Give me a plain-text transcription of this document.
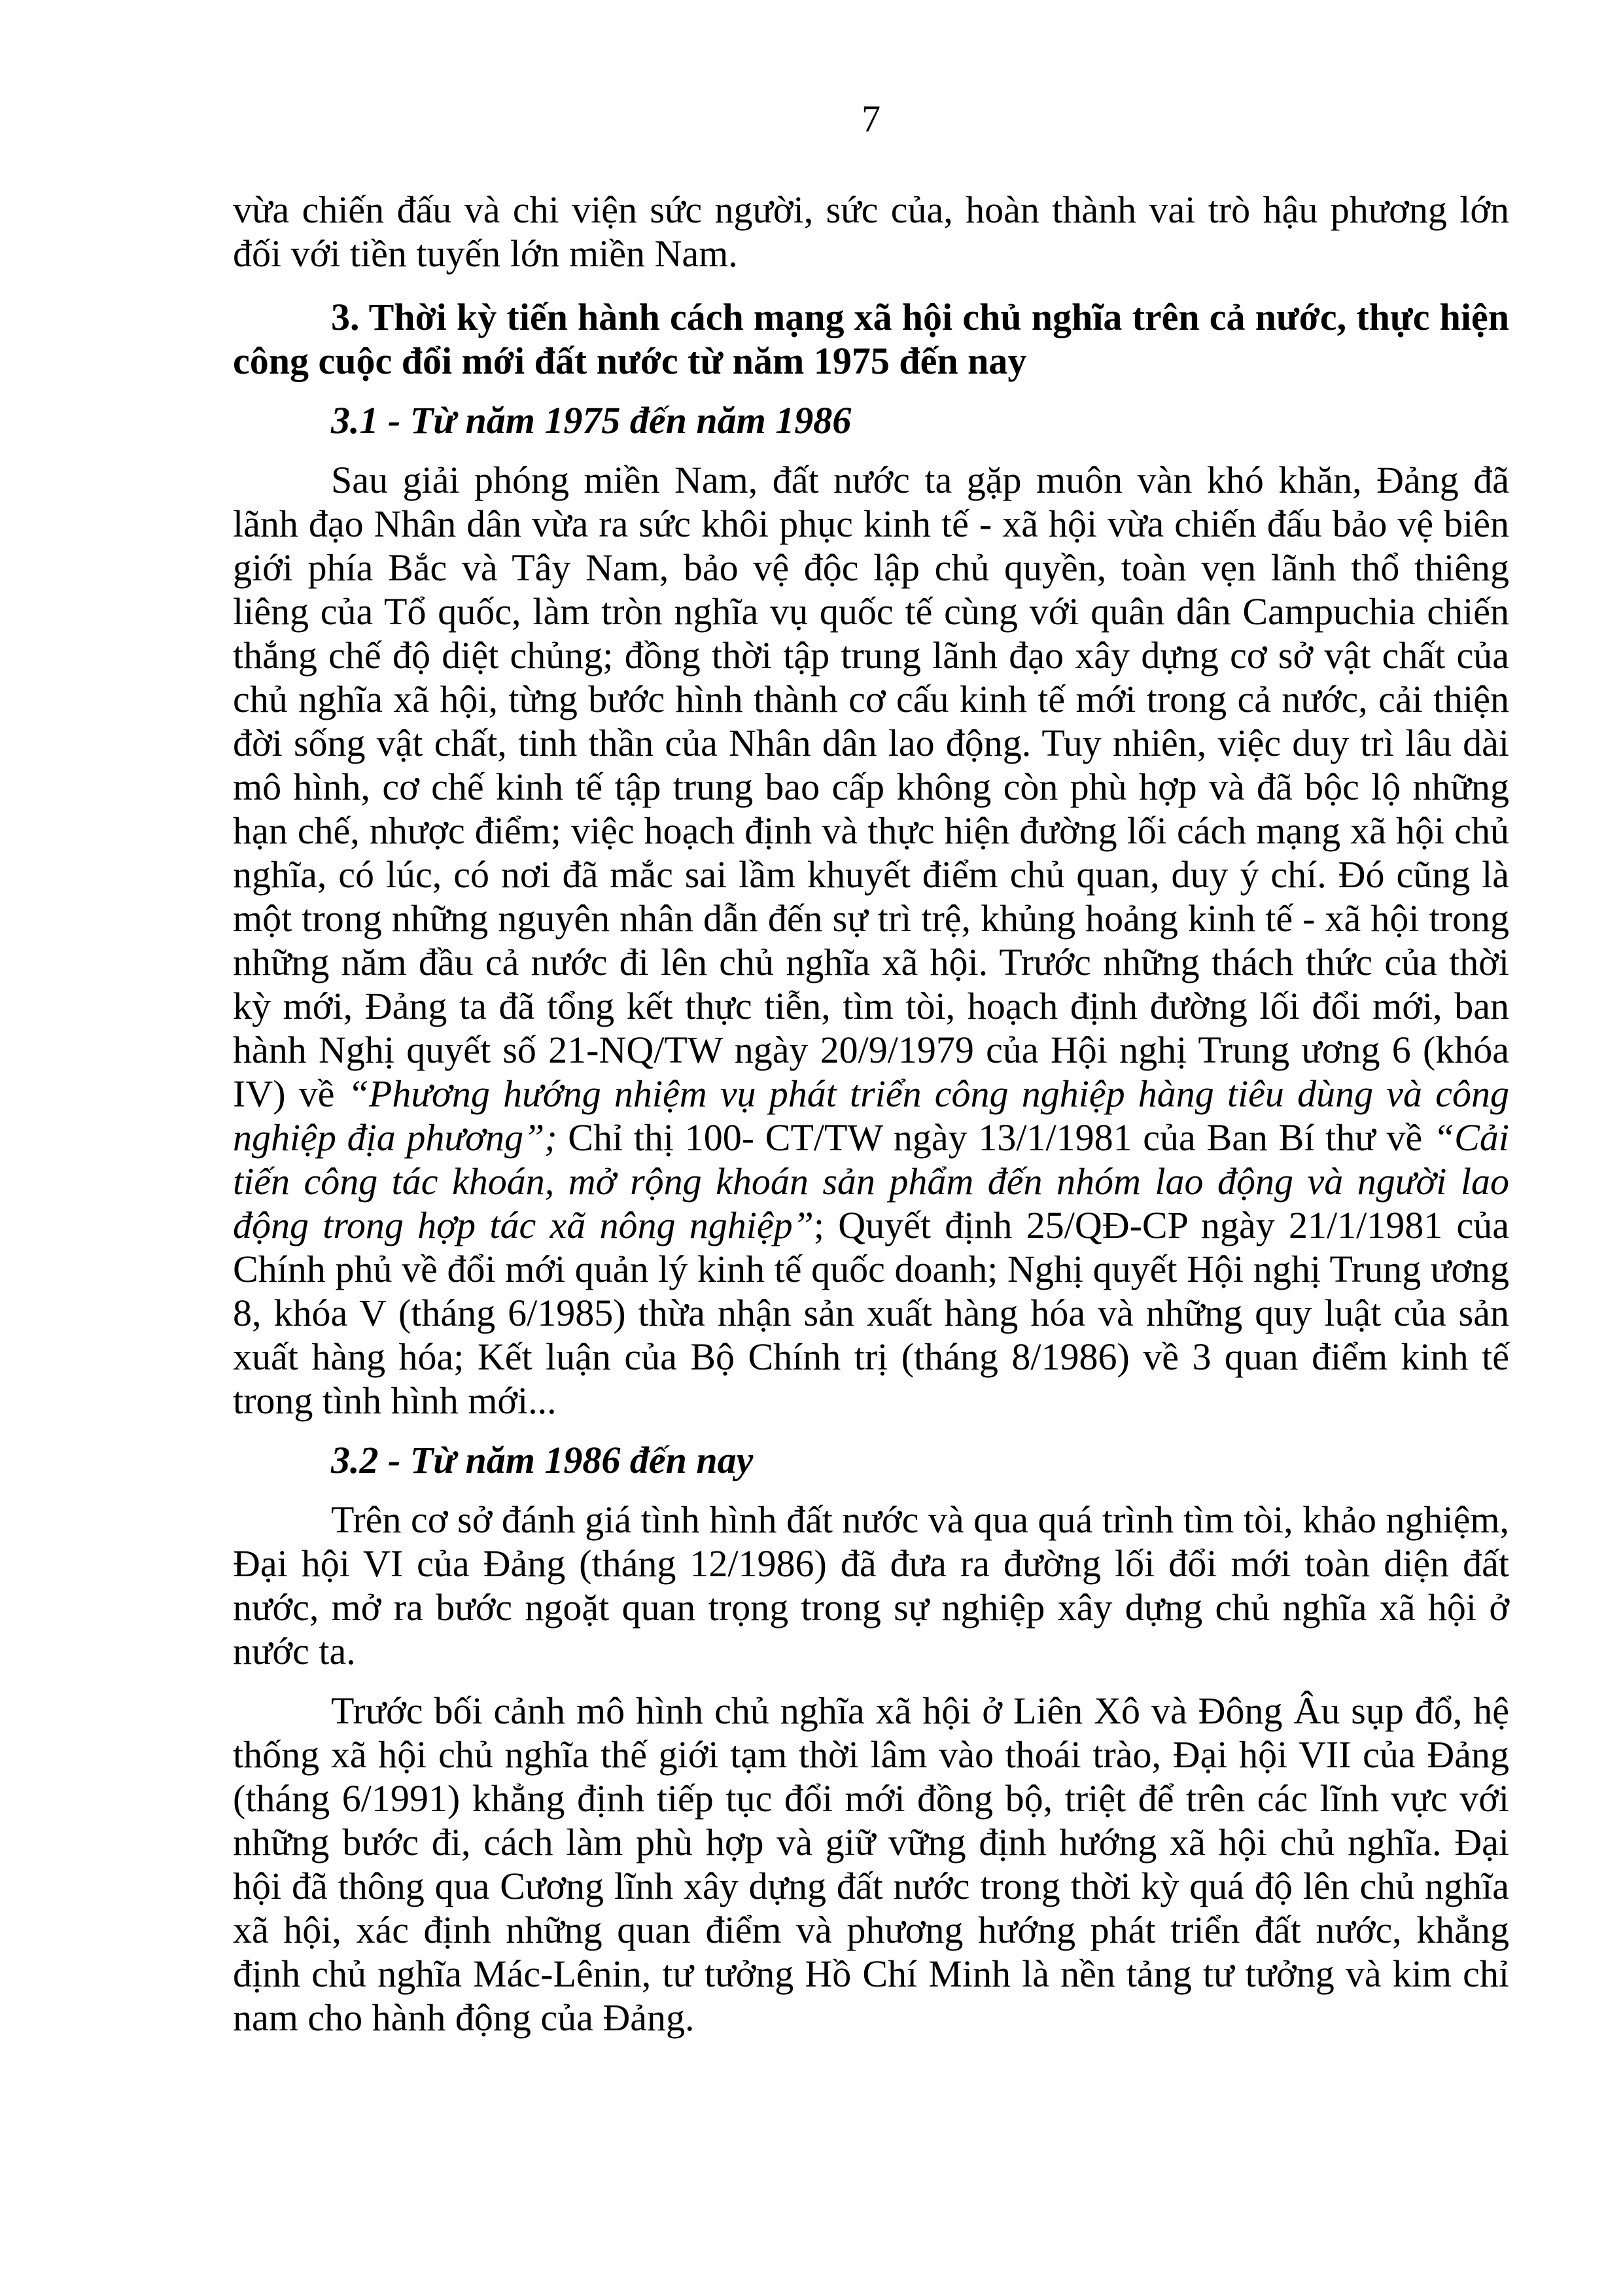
7

vừa chiến đấu và chi viện sức người, sức của, hoàn thành vai trò hậu phương lớn đối với tiền tuyến lớn miền Nam.

3. Thời kỳ tiến hành cách mạng xã hội chủ nghĩa trên cả nước, thực hiện công cuộc đổi mới đất nước từ năm 1975 đến nay

3.1 - Từ năm 1975 đến năm 1986

Sau giải phóng miền Nam, đất nước ta gặp muôn vàn khó khăn, Đảng đã lãnh đạo Nhân dân vừa ra sức khôi phục kinh tế - xã hội vừa chiến đấu bảo vệ biên giới phía Bắc và Tây Nam, bảo vệ độc lập chủ quyền, toàn vẹn lãnh thổ thiêng liêng của Tổ quốc, làm tròn nghĩa vụ quốc tế cùng với quân dân Campuchia chiến thắng chế độ diệt chủng; đồng thời tập trung lãnh đạo xây dựng cơ sở vật chất của chủ nghĩa xã hội, từng bước hình thành cơ cấu kinh tế mới trong cả nước, cải thiện đời sống vật chất, tinh thần của Nhân dân lao động. Tuy nhiên, việc duy trì lâu dài mô hình, cơ chế kinh tế tập trung bao cấp không còn phù hợp và đã bộc lộ những hạn chế, nhược điểm; việc hoạch định và thực hiện đường lối cách mạng xã hội chủ nghĩa, có lúc, có nơi đã mắc sai lầm khuyết điểm chủ quan, duy ý chí. Đó cũng là một trong những nguyên nhân dẫn đến sự trì trệ, khủng hoảng kinh tế - xã hội trong những năm đầu cả nước đi lên chủ nghĩa xã hội. Trước những thách thức của thời kỳ mới, Đảng ta đã tổng kết thực tiễn, tìm tòi, hoạch định đường lối đổi mới, ban hành Nghị quyết số 21-NQ/TW ngày 20/9/1979 của Hội nghị Trung ương 6 (khóa IV) về “Phương hướng nhiệm vụ phát triển công nghiệp hàng tiêu dùng và công nghiệp địa phương”; Chỉ thị 100- CT/TW ngày 13/1/1981 của Ban Bí thư về “Cải tiến công tác khoán, mở rộng khoán sản phẩm đến nhóm lao động và người lao động trong hợp tác xã nông nghiệp”; Quyết định 25/QĐ-CP ngày 21/1/1981 của Chính phủ về đổi mới quản lý kinh tế quốc doanh; Nghị quyết Hội nghị Trung ương 8, khóa V (tháng 6/1985) thừa nhận sản xuất hàng hóa và những quy luật của sản xuất hàng hóa; Kết luận của Bộ Chính trị (tháng 8/1986) về 3 quan điểm kinh tế trong tình hình mới...

3.2 - Từ năm 1986 đến nay

Trên cơ sở đánh giá tình hình đất nước và qua quá trình tìm tòi, khảo nghiệm, Đại hội VI của Đảng (tháng 12/1986) đã đưa ra đường lối đổi mới toàn diện đất nước, mở ra bước ngoặt quan trọng trong sự nghiệp xây dựng chủ nghĩa xã hội ở nước ta.

Trước bối cảnh mô hình chủ nghĩa xã hội ở Liên Xô và Đông Âu sụp đổ, hệ thống xã hội chủ nghĩa thế giới tạm thời lâm vào thoái trào, Đại hội VII của Đảng (tháng 6/1991) khẳng định tiếp tục đổi mới đồng bộ, triệt để trên các lĩnh vực với những bước đi, cách làm phù hợp và giữ vững định hướng xã hội chủ nghĩa. Đại hội đã thông qua Cương lĩnh xây dựng đất nước trong thời kỳ quá độ lên chủ nghĩa xã hội, xác định những quan điểm và phương hướng phát triển đất nước, khẳng định chủ nghĩa Mác-Lênin, tư tưởng Hồ Chí Minh là nền tảng tư tưởng và kim chỉ nam cho hành động của Đảng.
